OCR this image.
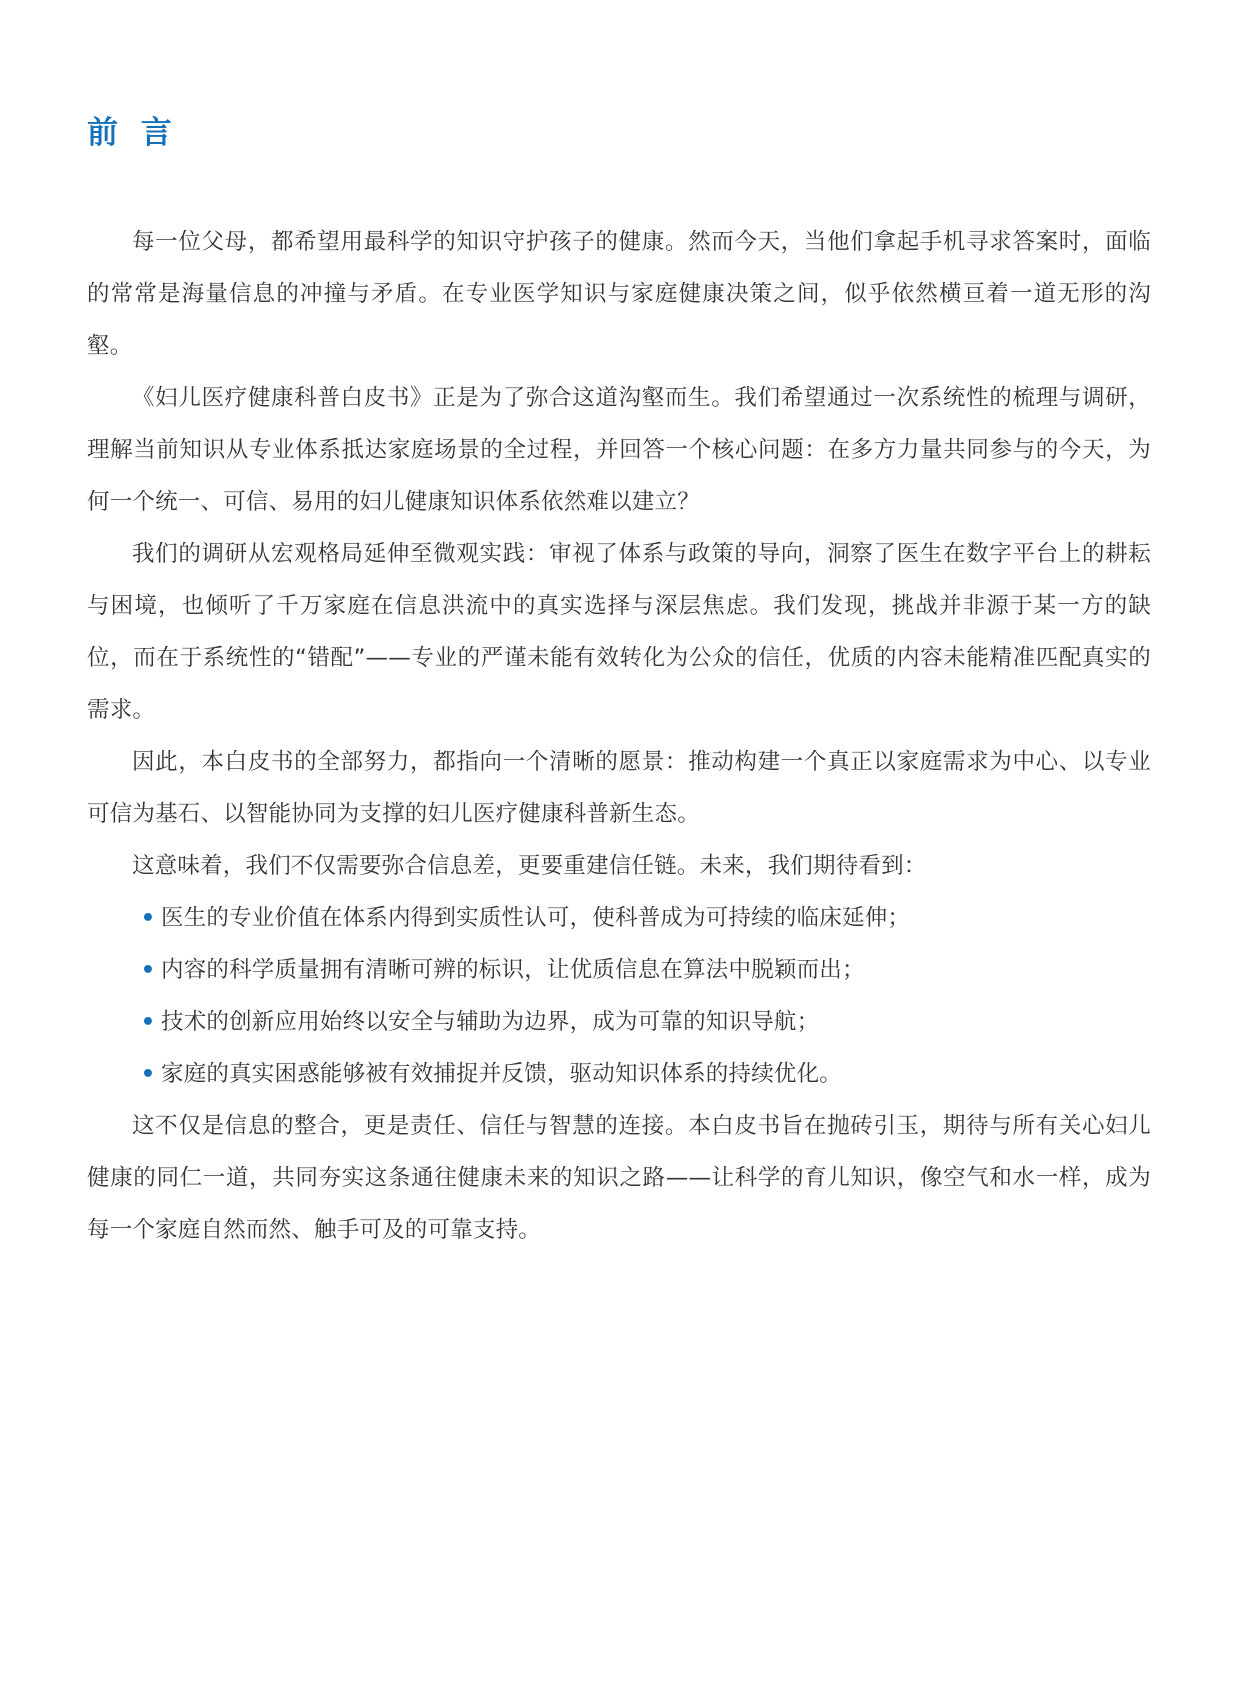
前 言

每一位父母，都希望用最科学的知识守护孩子的健康。然而今天，当他们拿起手机寻求答案时，面临的常常是海量信息的冲撞与矛盾。在专业医学知识与家庭健康决策之间，似乎依然横亘着一道无形的沟壑。

《妇儿医疗健康科普白皮书》正是为了弥合这道沟壑而生。我们希望通过一次系统性的梳理与调研，理解当前知识从专业体系抵达家庭场景的全过程，并回答一个核心问题：在多方力量共同参与的今天，为何一个统一、可信、易用的妇儿健康知识体系依然难以建立？

我们的调研从宏观格局延伸至微观实践：审视了体系与政策的导向，洞察了医生在数字平台上的耕耘与困境，也倾听了千万家庭在信息洪流中的真实选择与深层焦虑。我们发现，挑战并非源于某一方的缺位，而在于系统性的“错配”——专业的严谨未能有效转化为公众的信任，优质的内容未能精准匹配真实的需求。

因此，本白皮书的全部努力，都指向一个清晰的愿景：推动构建一个真正以家庭需求为中心、以专业可信为基石、以智能协同为支撑的妇儿医疗健康科普新生态。

这意味着，我们不仅需要弥合信息差，更要重建信任链。未来，我们期待看到：

• 医生的专业价值在体系内得到实质性认可，使科普成为可持续的临床延伸；
• 内容的科学质量拥有清晰可辨的标识，让优质信息在算法中脱颖而出；
• 技术的创新应用始终以安全与辅助为边界，成为可靠的知识导航；
• 家庭的真实困惑能够被有效捕捉并反馈，驱动知识体系的持续优化。

这不仅是信息的整合，更是责任、信任与智慧的连接。本白皮书旨在抛砖引玉，期待与所有关心妇儿健康的同仁一道，共同夯实这条通往健康未来的知识之路——让科学的育儿知识，像空气和水一样，成为每一个家庭自然而然、触手可及的可靠支持。
